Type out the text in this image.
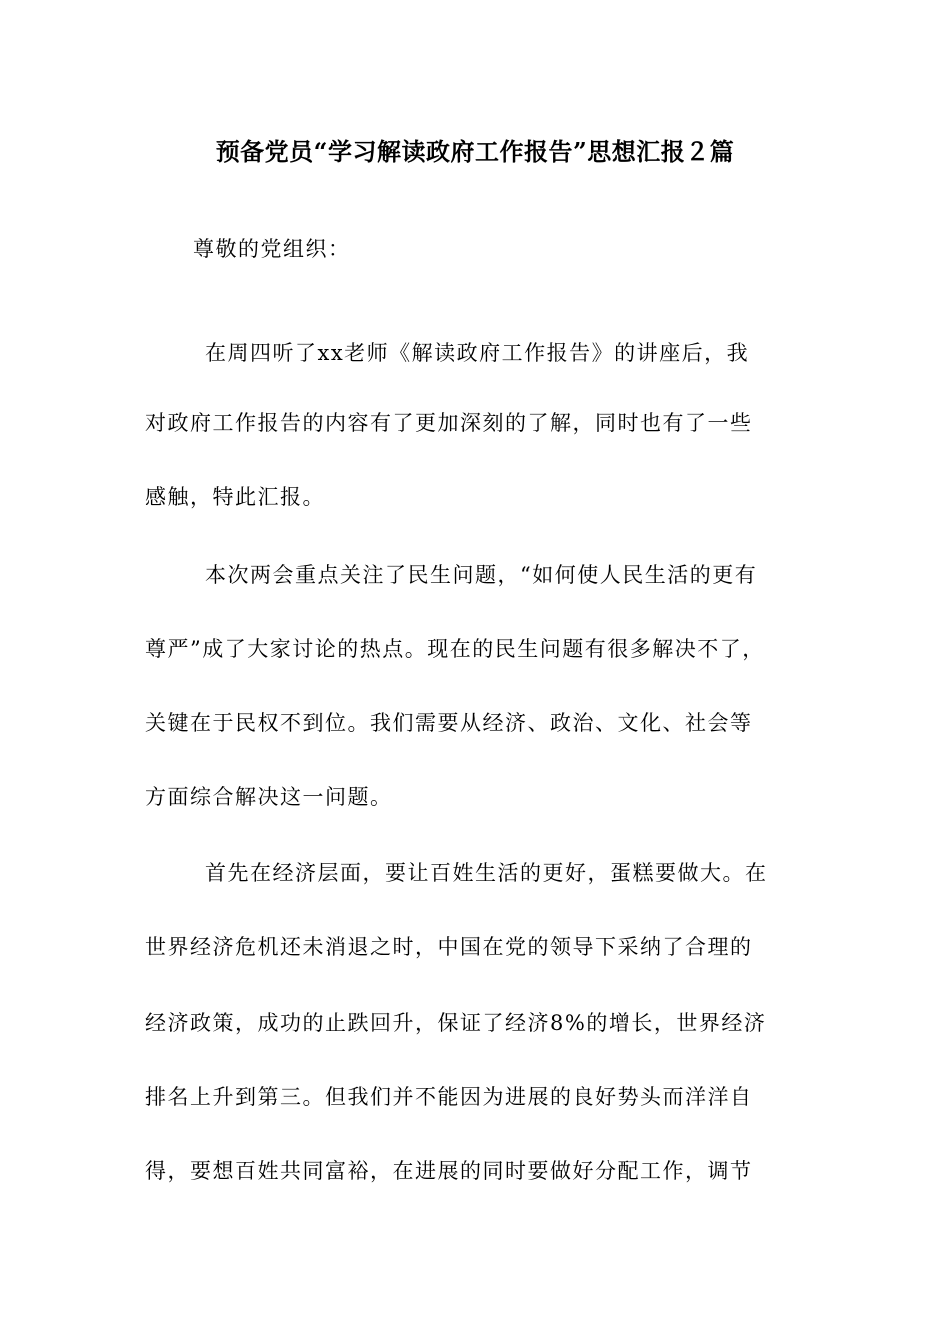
预备党员“学习解读政府工作报告”思想汇报２篇
尊敬的党组织：
在周四听了xx老师《解读政府工作报告》的讲座后，我
对政府工作报告的内容有了更加深刻的了解，同时也有了一些
感触，特此汇报。
本次两会重点关注了民生问题，“如何使人民生活的更有
尊严”成了大家讨论的热点。现在的民生问题有很多解决不了，
关键在于民权不到位。我们需要从经济、政治、文化、社会等
方面综合解决这一问题。
首先在经济层面，要让百姓生活的更好，蛋糕要做大。在
世界经济危机还未消退之时，中国在党的领导下采纳了合理的
经济政策，成功的止跌回升，保证了经济8%的增长，世界经济
排名上升到第三。但我们并不能因为进展的良好势头而洋洋自
得，要想百姓共同富裕，在进展的同时要做好分配工作，调节
